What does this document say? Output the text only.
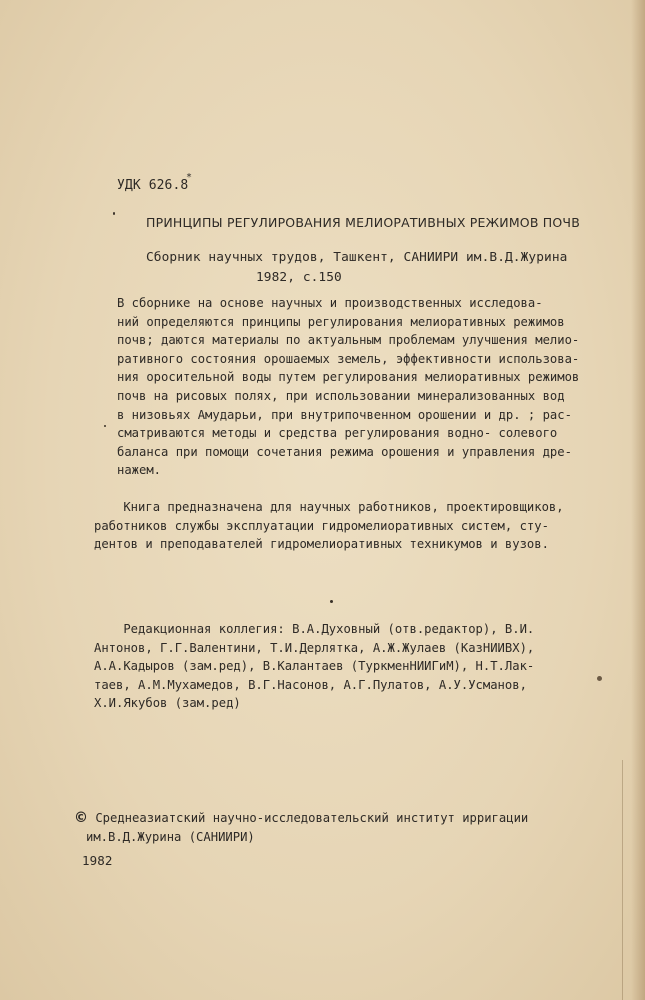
УДК 626.8
*
ПРИНЦИПЫ РЕГУЛИРОВАНИЯ МЕЛИОРАТИВНЫХ РЕЖИМОВ ПОЧВ
Сборник научных трудов, Ташкент, САНИИРИ им.В.Д.Журина
1982, с.150
В сборнике на основе научных и производственных исследова-
ний определяются принципы регулирования мелиоративных режимов
почв; даются материалы по актуальным проблемам улучшения мелио-
ративного состояния орошаемых земель, эффективности использова-
ния оросительной воды путем регулирования мелиоративных режимов
почв на рисовых полях, при использовании минерализованных вод
в низовьях Амударьи, при внутрипочвенном орошении и др. ; рас-
сматриваются методы и средства регулирования водно- солевого
баланса при помощи сочетания режима орошения и управления дре-
нажем.
Книга предназначена для научных работников, проектировщиков,
работников службы эксплуатации гидромелиоративных систем, сту-
дентов и преподавателей гидромелиоративных техникумов и вузов.
Редакционная коллегия: В.А.Духовный (отв.редактор), В.И.
Антонов, Г.Г.Валентини, Т.И.Дерлятка, А.Ж.Жулаев (КазНИИВХ),
А.А.Кадыров (зам.ред), В.Калантаев (ТуркменНИИГиМ), Н.Т.Лак-
таев, А.М.Мухамедов, В.Г.Насонов, А.Г.Пулатов, А.У.Усманов,
Х.И.Якубов (зам.ред)
© Среднеазиатский научно-исследовательский институт ирригации
им.В.Д.Журина (САНИИРИ)
1982
